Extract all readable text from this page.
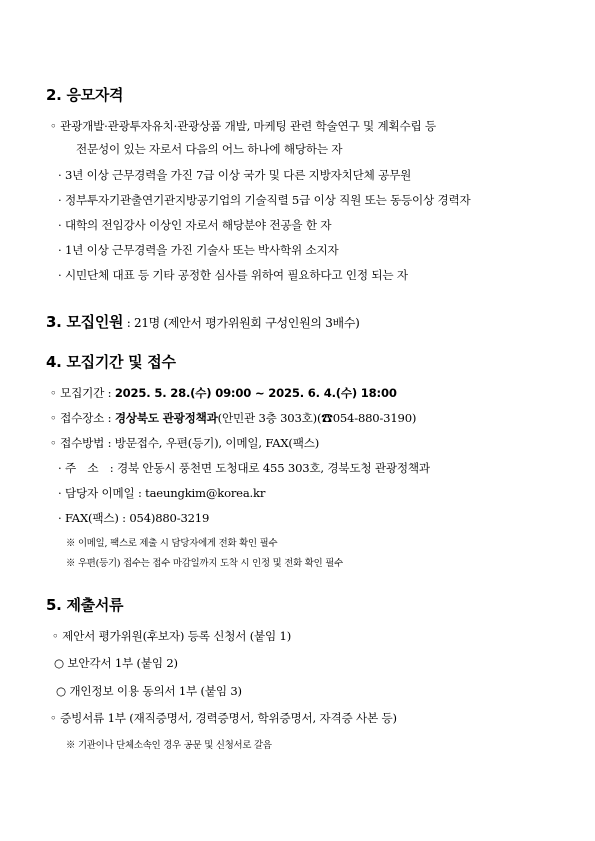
2. 응모자격
◦ 관광개발·관광투자유치·관광상품 개발, 마케팅 관련 학술연구 및 계획수립 등
전문성이 있는 자로서 다음의 어느 하나에 해당하는 자
· 3년 이상 근무경력을 가진 7급 이상 국가 및 다른 지방자치단체 공무원
· 정부투자기관출연기관지방공기업의 기술직렬 5급 이상 직원 또는 동등이상 경력자
· 대학의 전임강사 이상인 자로서 해당분야 전공을 한 자
· 1년 이상 근무경력을 가진 기술사 또는 박사학위 소지자
· 시민단체 대표 등 기타 공정한 심사를 위하여 필요하다고 인정 되는 자
3. 모집인원 : 21명 (제안서 평가위원회 구성인원의 3배수)
4. 모집기간 및 접수
◦ 모집기간 : 2025. 5. 28.(수) 09:00 ~ 2025. 6. 4.(수) 18:00
◦ 접수장소 : 경상북도 관광정책과(안민관 3층 303호)(☎054-880-3190)
◦ 접수방법 : 방문접수, 우편(등기), 이메일, FAX(팩스)
· 주　소　: 경북 안동시 풍천면 도청대로 455 303호, 경북도청 관광정책과
· 담당자 이메일 : taeungkim@korea.kr
· FAX(팩스) : 054)880-3219
※ 이메일, 팩스로 제출 시 담당자에게 전화 확인 필수
※ 우편(등기) 접수는 접수 마감일까지 도착 시 인정 및 전화 확인 필수
5. 제출서류
◦ 제안서 평가위원(후보자) 등록 신청서 (붙임 1)
○ 보안각서 1부 (붙임 2)
○ 개인정보 이용 동의서 1부 (붙임 3)
◦ 증빙서류 1부 (재직증명서, 경력증명서, 학위증명서, 자격증 사본 등)
※ 기관이나 단체소속인 경우 공문 및 신청서로 갈음
